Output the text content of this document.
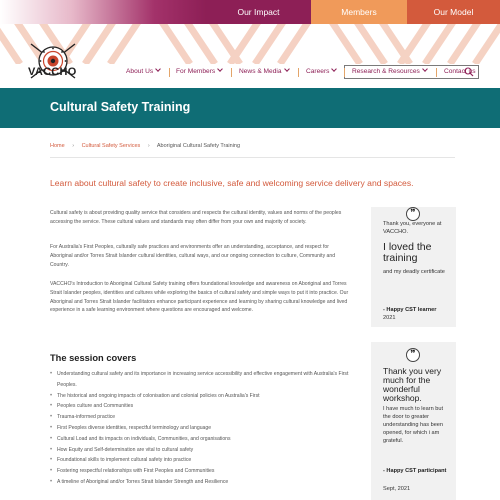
Our Impact	Members	Our Model
VACCHO	About Us	For Members	News & Media	Careers	Research & Resources	Contact us
Cultural Safety Training
Home › Cultural Safety Services › Aboriginal Cultural Safety Training
Learn about cultural safety to create inclusive, safe and welcoming service delivery and spaces.

Cultural safety is about providing quality service that considers and respects the cultural identity, values and norms of the peoples accessing the service. These cultural values and standards may often differ from your own and majority of society.

For Australia's First Peoples, culturally safe practices and environments offer an understanding, acceptance, and respect for Aboriginal and/or Torres Strait Islander cultural identities, cultural ways, and our ongoing connection to culture, Community and Country.

VACCHO's Introduction to Aboriginal Cultural Safety training offers foundational knowledge and awareness on Aboriginal and Torres Strait Islander peoples, identities and cultures while exploring the basics of cultural safety and simple ways to put it into practice. Our Aboriginal and Torres Strait Islander facilitators enhance participant experience and learning by sharing cultural knowledge and lived experience in a safe learning environment where questions are encouraged and welcome.

The session covers
• Understanding cultural safety and its importance in increasing service accessibility and effective engagement with Australia's First Peoples.
• The historical and ongoing impacts of colonisation and colonial policies on Australia's First
• Peoples culture and Communities
• Trauma-informed practice
• First Peoples diverse identities, respectful terminology and language
• Cultural Load and its impacts on individuals, Communities, and organisations
• How Equity and Self-determination are vital to cultural safety
• Foundational skills to implement cultural safety into practice
• Fostering respectful relationships with First Peoples and Communities
• A timeline of Aboriginal and/or Torres Strait Islander Strength and Resilience
❞
Thank you, everyone at VACCHO.
I loved the training
and my deadly certificate
- Happy CST learner
2021
❞
Thank you very much for the wonderful workshop.
I have much to learn but the door to greater understanding has been opened, for which i am grateful.
- Happy CST participant
Sept, 2021
